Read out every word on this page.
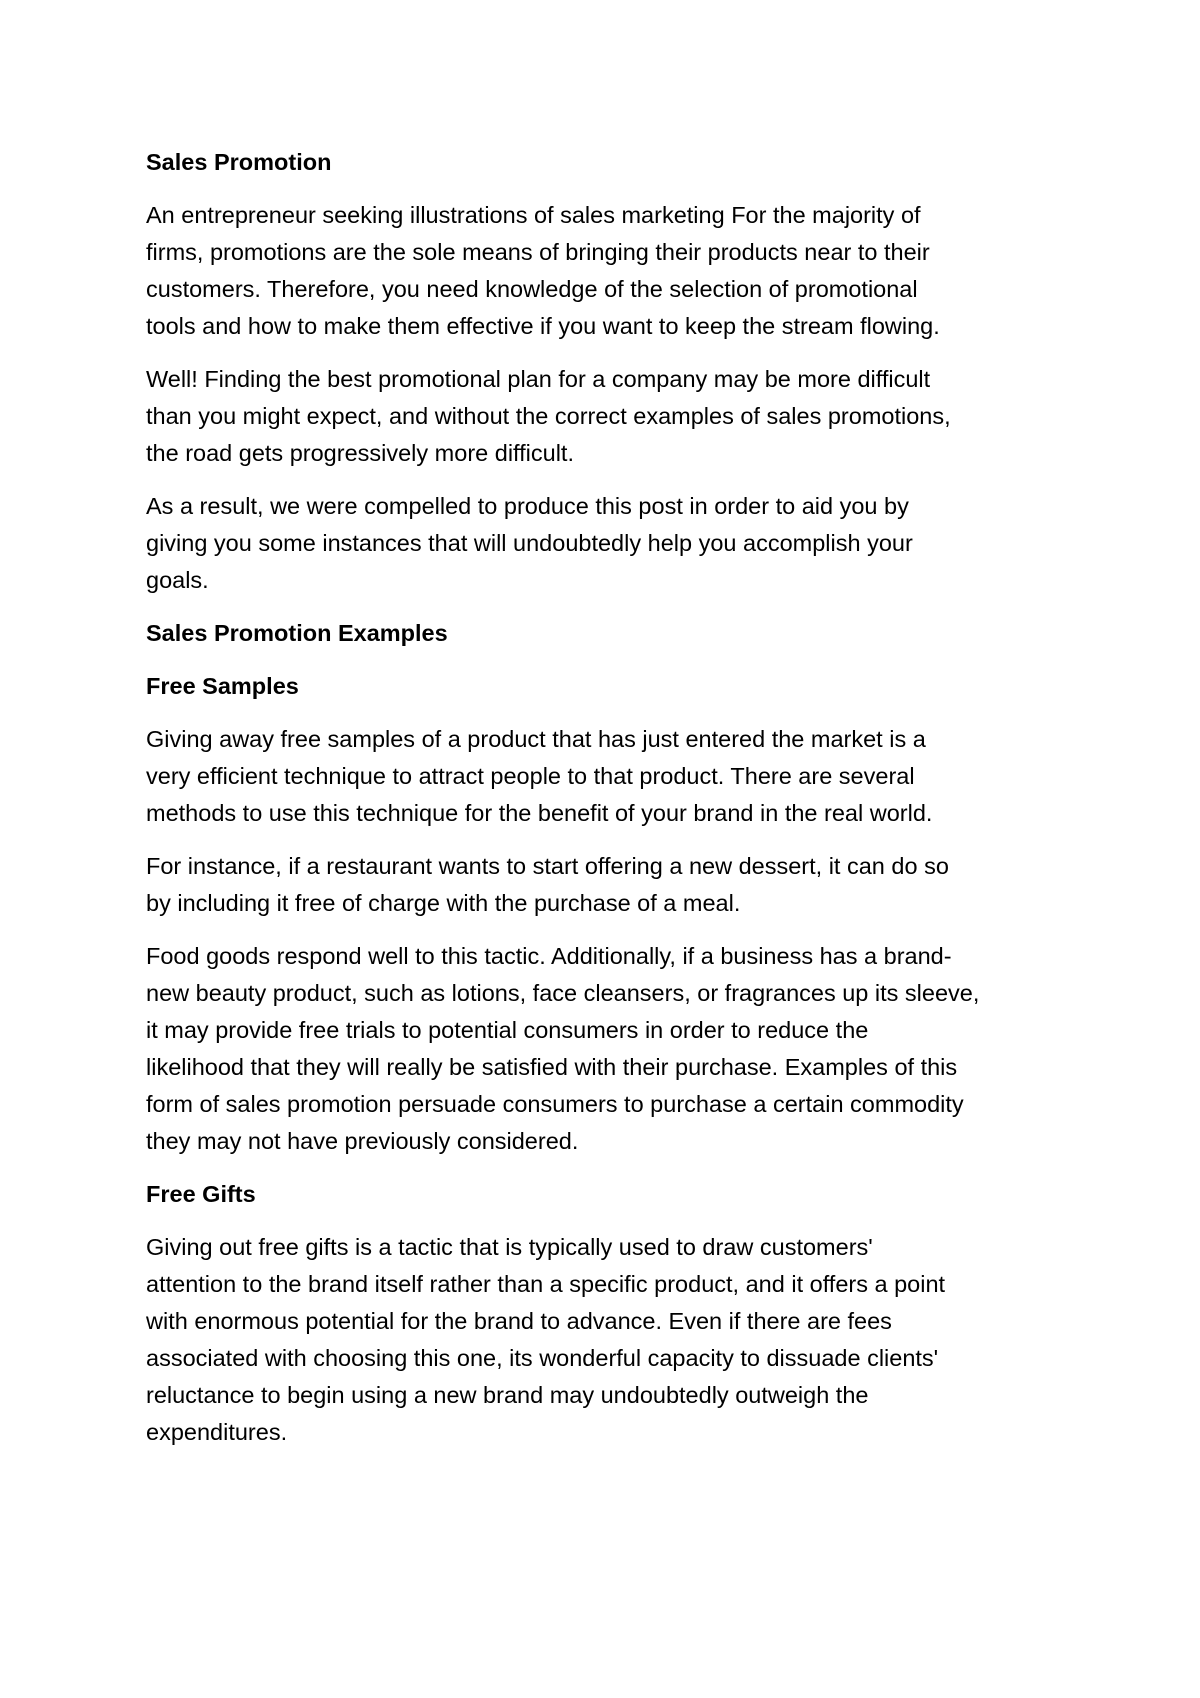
Sales Promotion
An entrepreneur seeking illustrations of sales marketing For the majority of
firms, promotions are the sole means of bringing their products near to their
customers. Therefore, you need knowledge of the selection of promotional
tools and how to make them effective if you want to keep the stream flowing.
Well! Finding the best promotional plan for a company may be more difficult
than you might expect, and without the correct examples of sales promotions,
the road gets progressively more difficult.
As a result, we were compelled to produce this post in order to aid you by
giving you some instances that will undoubtedly help you accomplish your
goals.
Sales Promotion Examples
Free Samples
Giving away free samples of a product that has just entered the market is a
very efficient technique to attract people to that product. There are several
methods to use this technique for the benefit of your brand in the real world.
For instance, if a restaurant wants to start offering a new dessert, it can do so
by including it free of charge with the purchase of a meal.
Food goods respond well to this tactic. Additionally, if a business has a brand-
new beauty product, such as lotions, face cleansers, or fragrances up its sleeve,
it may provide free trials to potential consumers in order to reduce the
likelihood that they will really be satisfied with their purchase. Examples of this
form of sales promotion persuade consumers to purchase a certain commodity
they may not have previously considered.
Free Gifts
Giving out free gifts is a tactic that is typically used to draw customers'
attention to the brand itself rather than a specific product, and it offers a point
with enormous potential for the brand to advance. Even if there are fees
associated with choosing this one, its wonderful capacity to dissuade clients'
reluctance to begin using a new brand may undoubtedly outweigh the
expenditures.
